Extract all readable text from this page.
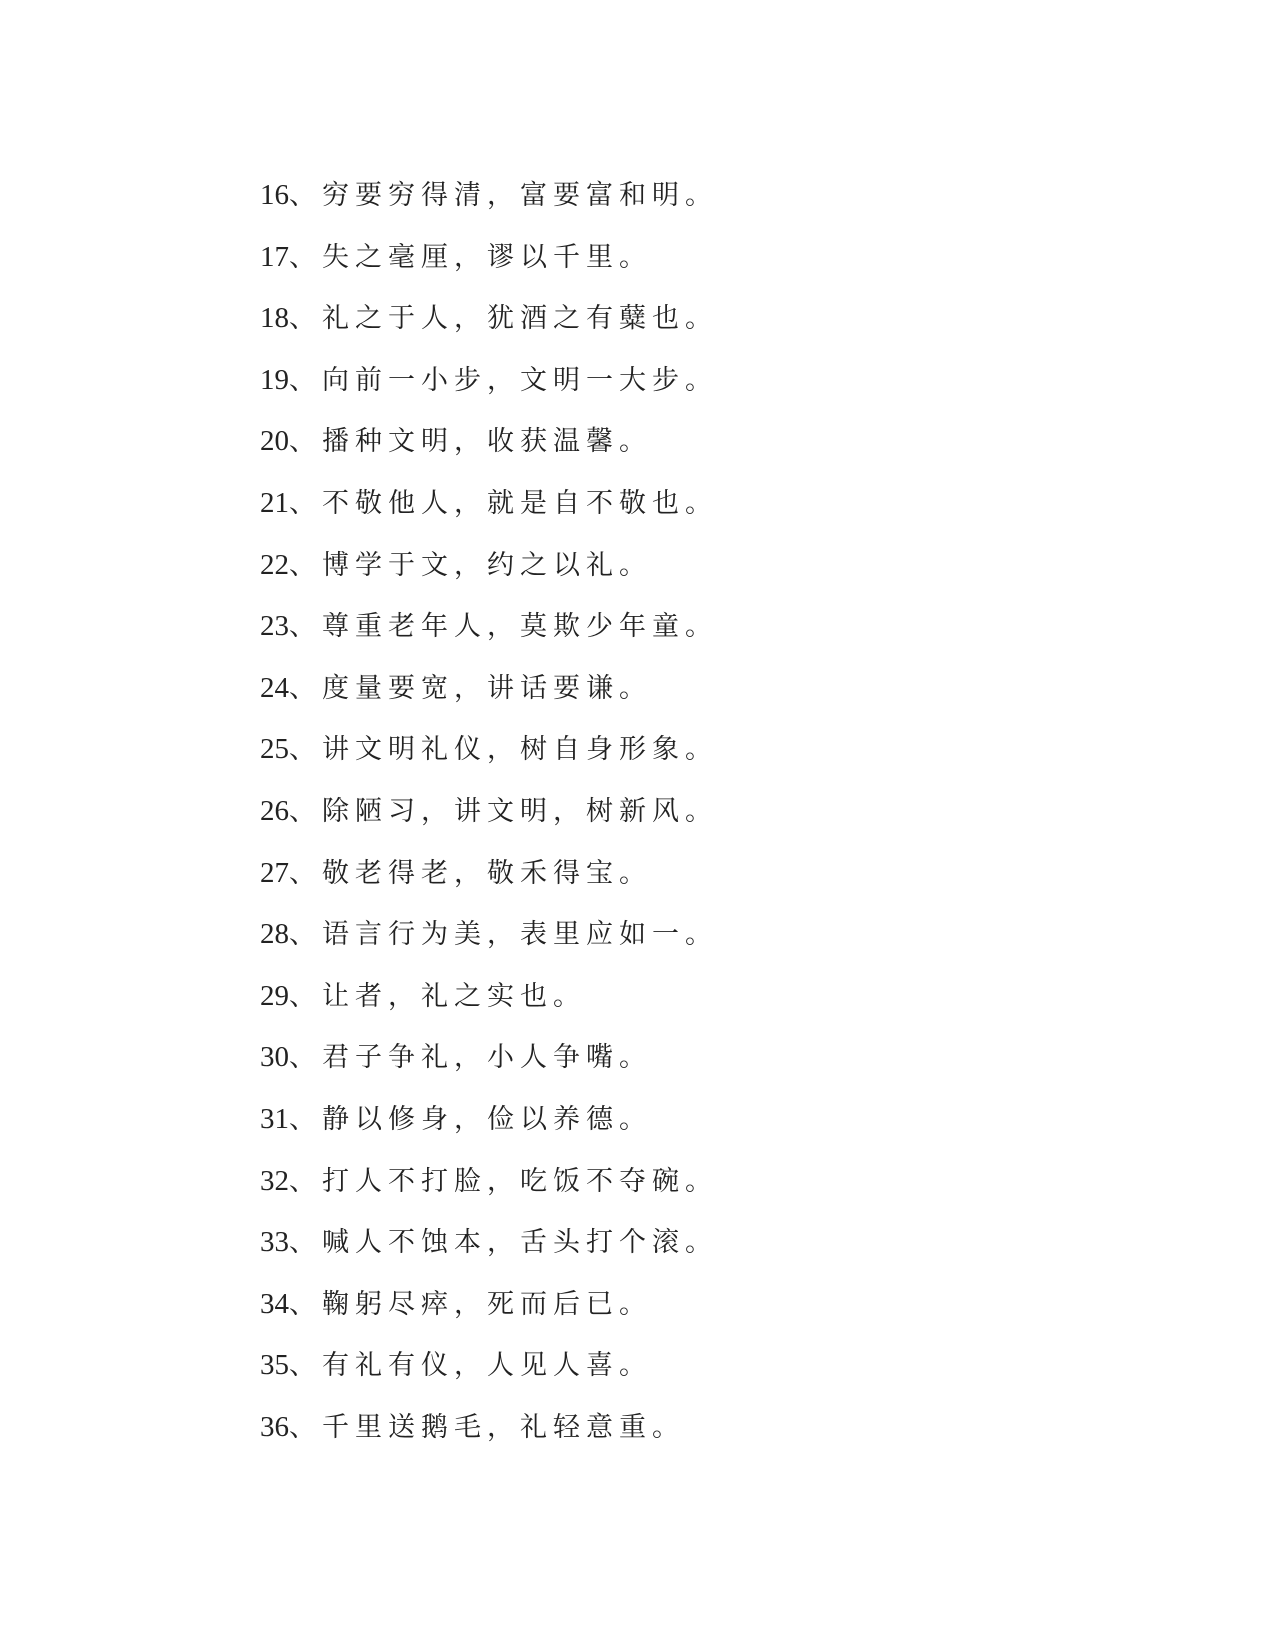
16、穷要穷得清，富要富和明。
17、失之毫厘，谬以千里。
18、礼之于人，犹酒之有糵也。
19、向前一小步，文明一大步。
20、播种文明，收获温馨。
21、不敬他人，就是自不敬也。
22、博学于文，约之以礼。
23、尊重老年人，莫欺少年童。
24、度量要宽，讲话要谦。
25、讲文明礼仪，树自身形象。
26、除陋习，讲文明，树新风。
27、敬老得老，敬禾得宝。
28、语言行为美，表里应如一。
29、让者，礼之实也。
30、君子争礼，小人争嘴。
31、静以修身，俭以养德。
32、打人不打脸，吃饭不夺碗。
33、喊人不蚀本，舌头打个滚。
34、鞠躬尽瘁，死而后已。
35、有礼有仪，人见人喜。
36、千里送鹅毛，礼轻意重。
